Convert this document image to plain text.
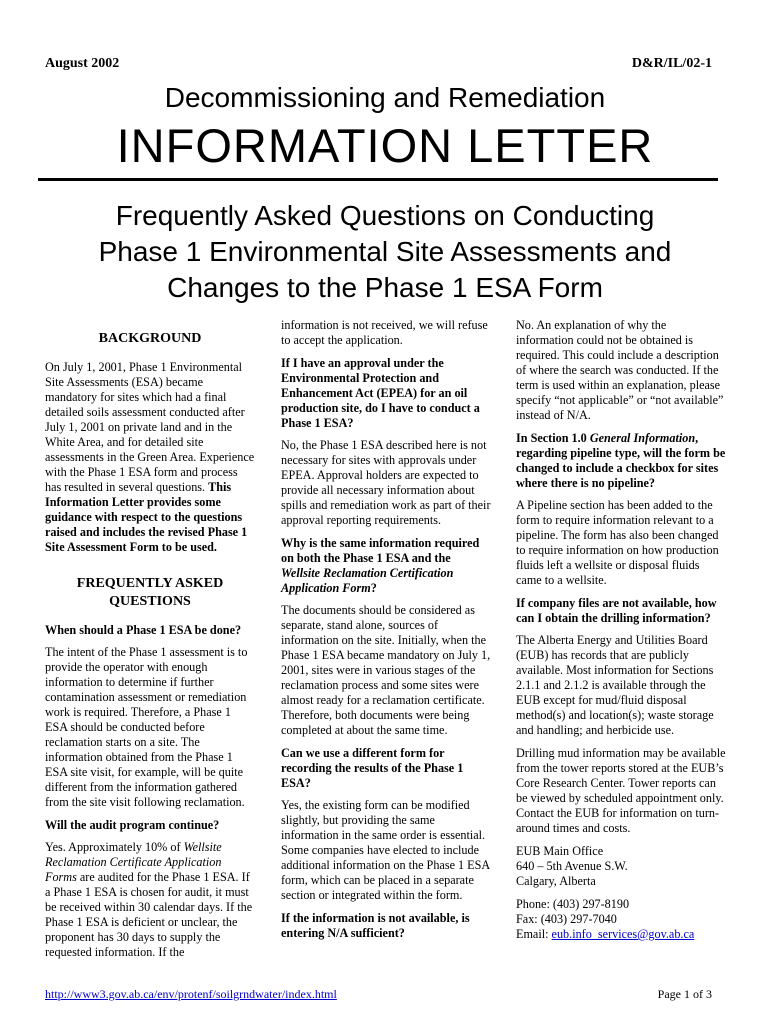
August 2002	D&R/IL/02-1
Decommissioning and Remediation
INFORMATION LETTER
Frequently Asked Questions on Conducting
Phase 1 Environmental Site Assessments and
Changes to the Phase 1 ESA Form
BACKGROUND

On July 1, 2001, Phase 1 Environmental Site Assessments (ESA) became mandatory for sites which had a final detailed soils assessment conducted after July 1, 2001 on private land and in the White Area, and for detailed site assessments in the Green Area. Experience with the Phase 1 ESA form and process has resulted in several questions. This Information Letter provides some guidance with respect to the questions raised and includes the revised Phase 1 Site Assessment Form to be used.

FREQUENTLY ASKED QUESTIONS

When should a Phase 1 ESA be done?

The intent of the Phase 1 assessment is to provide the operator with enough information to determine if further contamination assessment or remediation work is required. Therefore, a Phase 1 ESA should be conducted before reclamation starts on a site. The information obtained from the Phase 1 ESA site visit, for example, will be quite different from the information gathered from the site visit following reclamation.

Will the audit program continue?

Yes. Approximately 10% of Wellsite Reclamation Certificate Application Forms are audited for the Phase 1 ESA. If a Phase 1 ESA is chosen for audit, it must be received within 30 calendar days. If the Phase 1 ESA is deficient or unclear, the proponent has 30 days to supply the requested information. If the

information is not received, we will refuse to accept the application.

If I have an approval under the Environmental Protection and Enhancement Act (EPEA) for an oil production site, do I have to conduct a Phase 1 ESA?

No, the Phase 1 ESA described here is not necessary for sites with approvals under EPEA. Approval holders are expected to provide all necessary information about spills and remediation work as part of their approval reporting requirements.

Why is the same information required on both the Phase 1 ESA and the Wellsite Reclamation Certification Application Form?

The documents should be considered as separate, stand alone, sources of information on the site. Initially, when the Phase 1 ESA became mandatory on July 1, 2001, sites were in various stages of the reclamation process and some sites were almost ready for a reclamation certificate. Therefore, both documents were being completed at about the same time.

Can we use a different form for recording the results of the Phase 1 ESA?

Yes, the existing form can be modified slightly, but providing the same information in the same order is essential. Some companies have elected to include additional information on the Phase 1 ESA form, which can be placed in a separate section or integrated within the form.

If the information is not available, is entering N/A sufficient?

No. An explanation of why the information could not be obtained is required. This could include a description of where the search was conducted. If the term is used within an explanation, please specify “not applicable” or “not available” instead of N/A.

In Section 1.0 General Information, regarding pipeline type, will the form be changed to include a checkbox for sites where there is no pipeline?

A Pipeline section has been added to the form to require information relevant to a pipeline. The form has also been changed to require information on how production fluids left a wellsite or disposal fluids came to a wellsite.

If company files are not available, how can I obtain the drilling information?

The Alberta Energy and Utilities Board (EUB) has records that are publicly available. Most information for Sections 2.1.1 and 2.1.2 is available through the EUB except for mud/fluid disposal method(s) and location(s); waste storage and handling; and herbicide use.

Drilling mud information may be available from the tower reports stored at the EUB’s Core Research Center. Tower reports can be viewed by scheduled appointment only. Contact the EUB for information on turn-around times and costs.

EUB Main Office
640 – 5th Avenue S.W.
Calgary, Alberta
Phone: (403) 297-8190
Fax: (403) 297-7040
Email: eub.info_services@gov.ab.ca
http://www3.gov.ab.ca/env/protenf/soilgrndwater/index.html	Page 1 of 3
